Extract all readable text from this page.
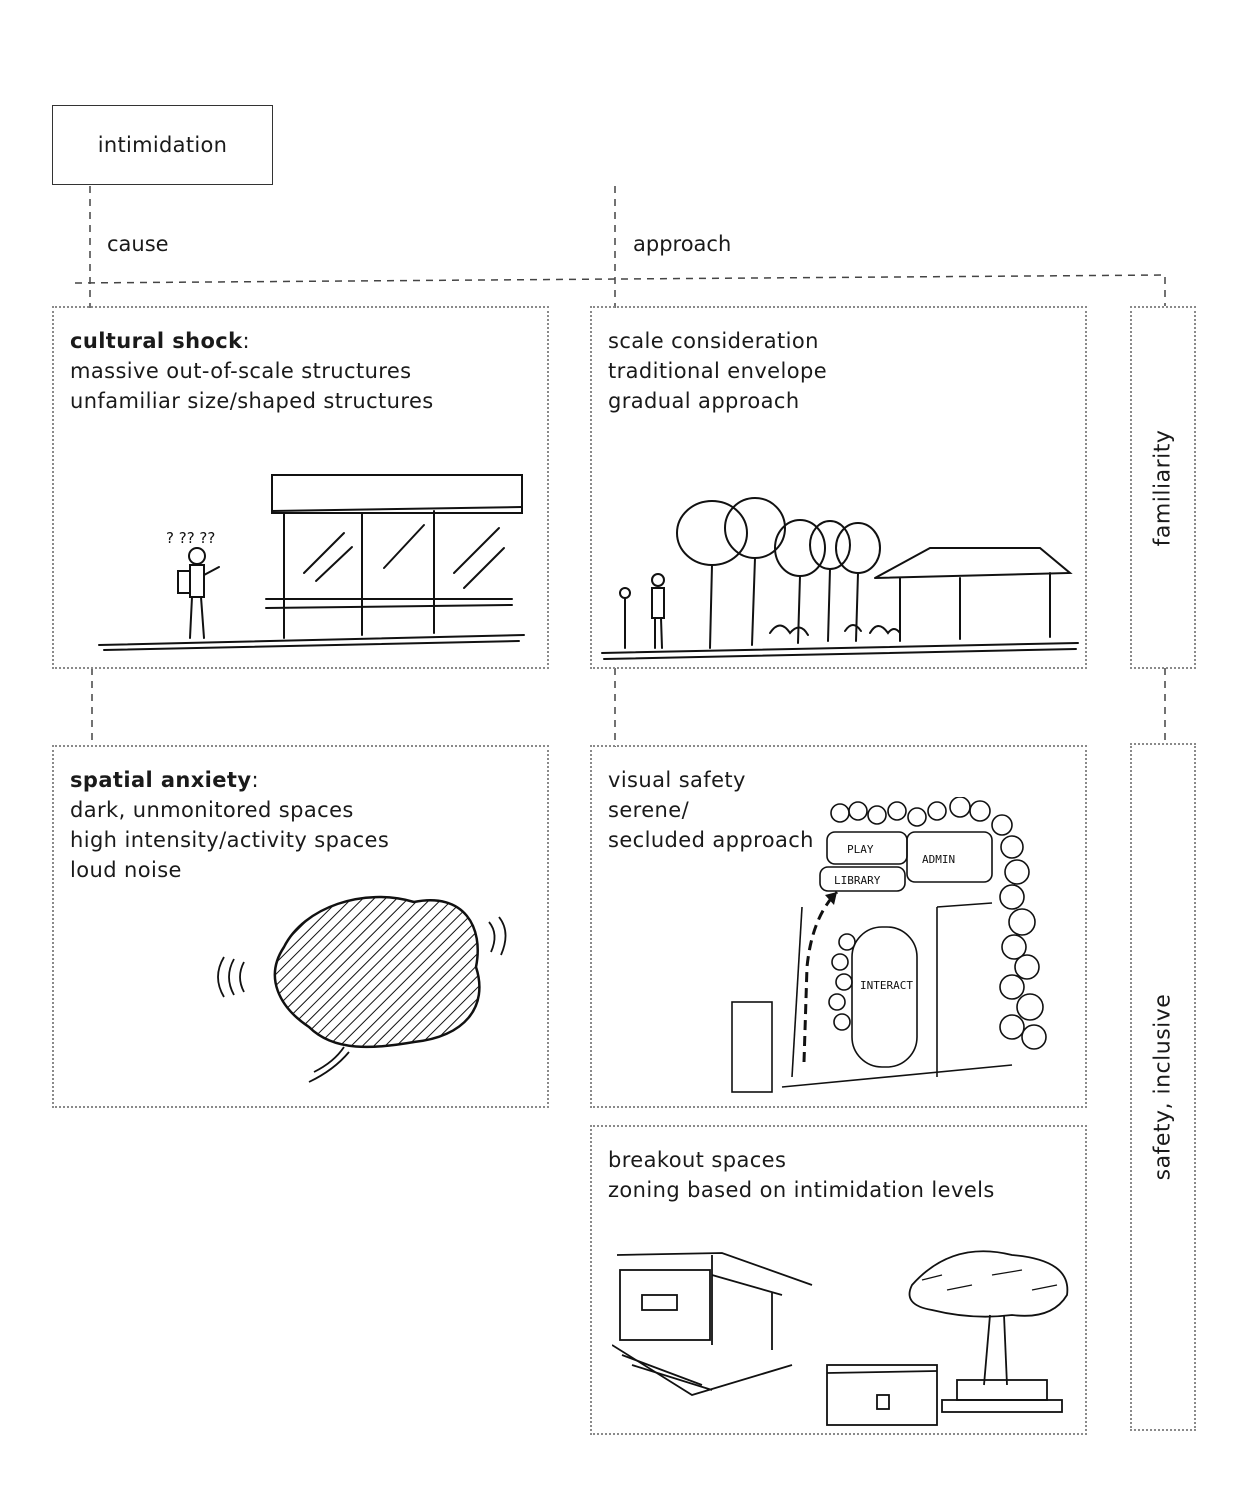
intimidation
cause	approach
cultural shock:
massive out-of-scale structures
unfamiliar size/shaped structures
? ?? ??
spatial anxiety:
dark, unmonitored spaces
high intensity/activity spaces
loud noise
scale consideration
traditional envelope
gradual approach
visual safety
serene/
secluded approach	PLAY
ADMIN
LIBRARY
INTERACT
breakout spaces
zoning based on intimidation levels
familiarity
safety, inclusive
